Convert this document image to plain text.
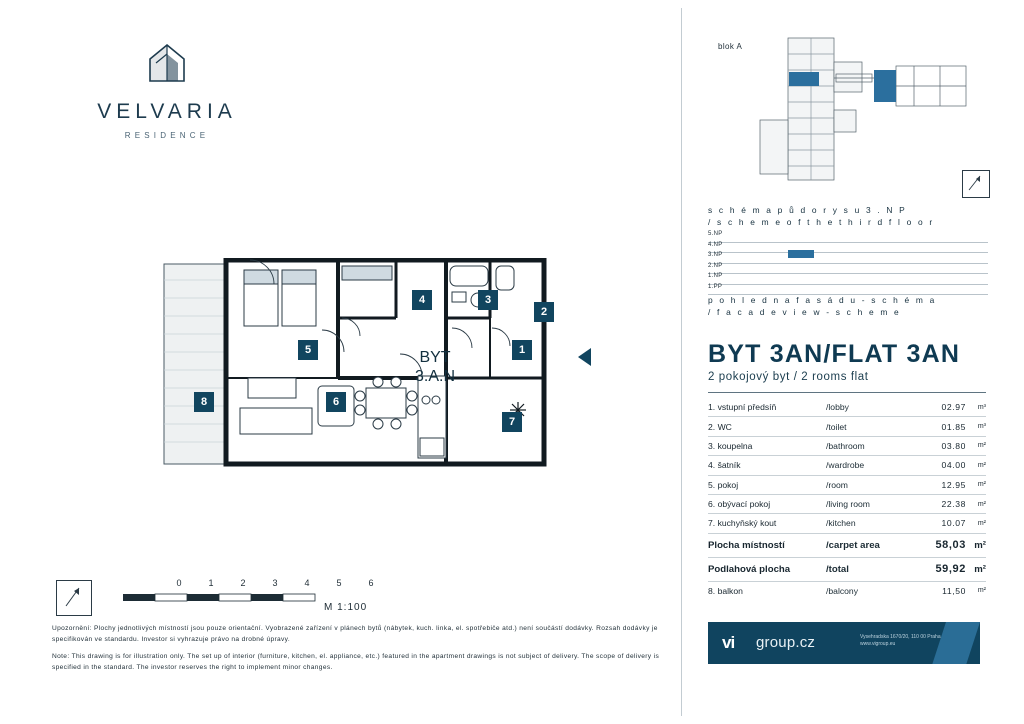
VELVARIA
RESIDENCE
1
2
3
4
5
6
7
8
BYT
3.A.N
0	1	2	3	4	5	6
M 1:100

Upozornění: Plochy jednotlivých místností jsou pouze orientační. Vyobrazené zařízení v plánech bytů (nábytek, kuch. linka, el. spotřebiče atd.) není součástí dodávky. Rozsah dodávky je specifikován ve standardu. Investor si vyhrazuje právo na drobné úpravy.

Note: This drawing is for illustration only. The set up of interior (furniture, kitchen, el. appliance, etc.) featured in the apartment drawings is not subject of delivery. The scope of delivery is specified in the standard. The investor reserves the right to implement minor changes.

blok A
s c h é m a p ů d o r y s u 3 . N P
/ s c h e m e o f t h e t h i r d f l o o r
5.NP
4.NP
3.NP
2.NP
1.NP
1.PP
p o h l e d n a f a s á d u - s c h é m a
/ f a c a d e v i e w - s c h e m e
BYT 3AN/FLAT 3AN
2 pokojový byt / 2 rooms flat
1. vstupní předsíň	/lobby	02.97	m³
2. WC	/toilet	01.85	m³
3. koupelna	/bathroom	03.80	m²
4. šatník	/wardrobe	04.00	m²
5. pokoj	/room	12.95	m²
6. obývací pokoj	/living room	22.38	m²
7. kuchyňský kout	/kitchen	10.07	m²
Plocha místností	/carpet area	58,03	m²
Podlahová plocha	/total	59,92	m²
8. balkon	/balcony	11,50	m²
vi group.cz	Vysehradska 1670/20, 110 00 Praha
www.vigroup.eu
